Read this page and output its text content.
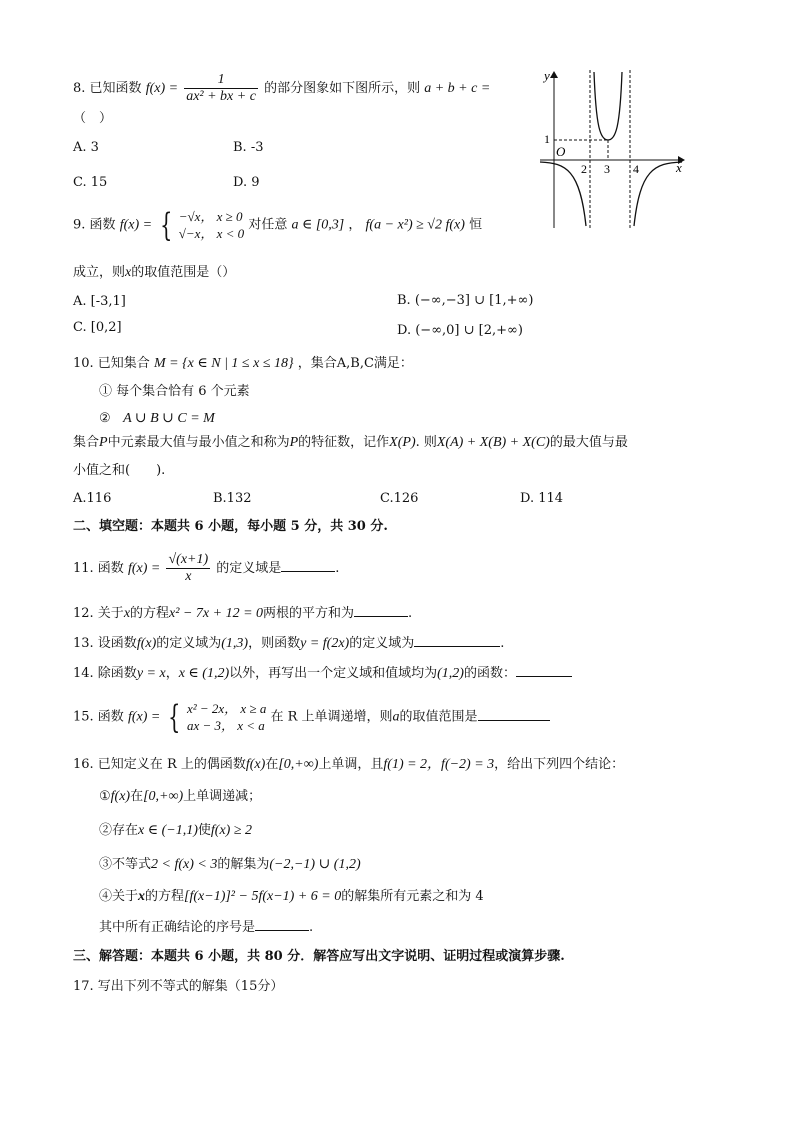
8. 已知函数 $f(x) = \frac{1}{\text{ax² + bx + c}}$ 的部分图象如下图所示，则 a + b + c =
（　）
A. 3	B. -3
C. 15	D. 9
y
x
O
1
2 3 4
9. 函数 f(x) = { −√x， x ≥ 0
√−x， x < 0
对任意 a ∈ [0,3] ， f(a − x²) ≥ √2 f(x) 恒
成立，则x的取值范围是（）
A. [-3,1]	B. (−∞,−3] ∪ [1,+∞)
C. [0,2]	D. (−∞,0] ∪ [2,+∞)
10. 已知集合 M = {x ∈ N | 1 ≤ x ≤ 18} ，集合A,B,C满足：
① 每个集合恰有 6 个元素
② A ∪ B ∪ C = M
集合P中元素最大值与最小值之和称为P的特征数，记作X(P). 则X(A) + X(B) + X(C)的最大值与最
小值之和(　　).
A.116	B.132	C.126	D. 114
二、填空题：本题共 6 小题，每小题 5 分，共 30 分.
11. 函数 $f(x) = \frac{√(x+1)}{x}$ 的定义域是	.
12. 关于x的方程x² − 7x + 12 = 0两根的平方和为	.
13. 设函数f(x)的定义域为(1,3)，则函数y = f(2x)的定义域为	.
14. 除函数y = x，x ∈ (1,2)以外，再写出一个定义域和值域均为(1,2)的函数：
15. 函数 f(x) = { x² − 2x， x ≥ a
ax − 3， x < a
在 R 上单调递增，则a的取值范围是
16. 已知定义在 R 上的偶函数f(x)在[0,+∞)上单调，且f(1) = 2，f(−2) = 3，给出下列四个结论：
①f(x)在[0,+∞)上单调递减；
②存在x ∈ (−1,1)使f(x) ≥ 2
③不等式2 < f(x) < 3的解集为(−2,−1) ∪ (1,2)
④关于x的方程[f(x−1)]² − 5f(x−1) + 6 = 0的解集所有元素之和为 4
其中所有正确结论的序号是	.
三、解答题：本题共 6 小题，共 80 分．解答应写出文字说明、证明过程或演算步骤.
17. 写出下列不等式的解集（15分）
